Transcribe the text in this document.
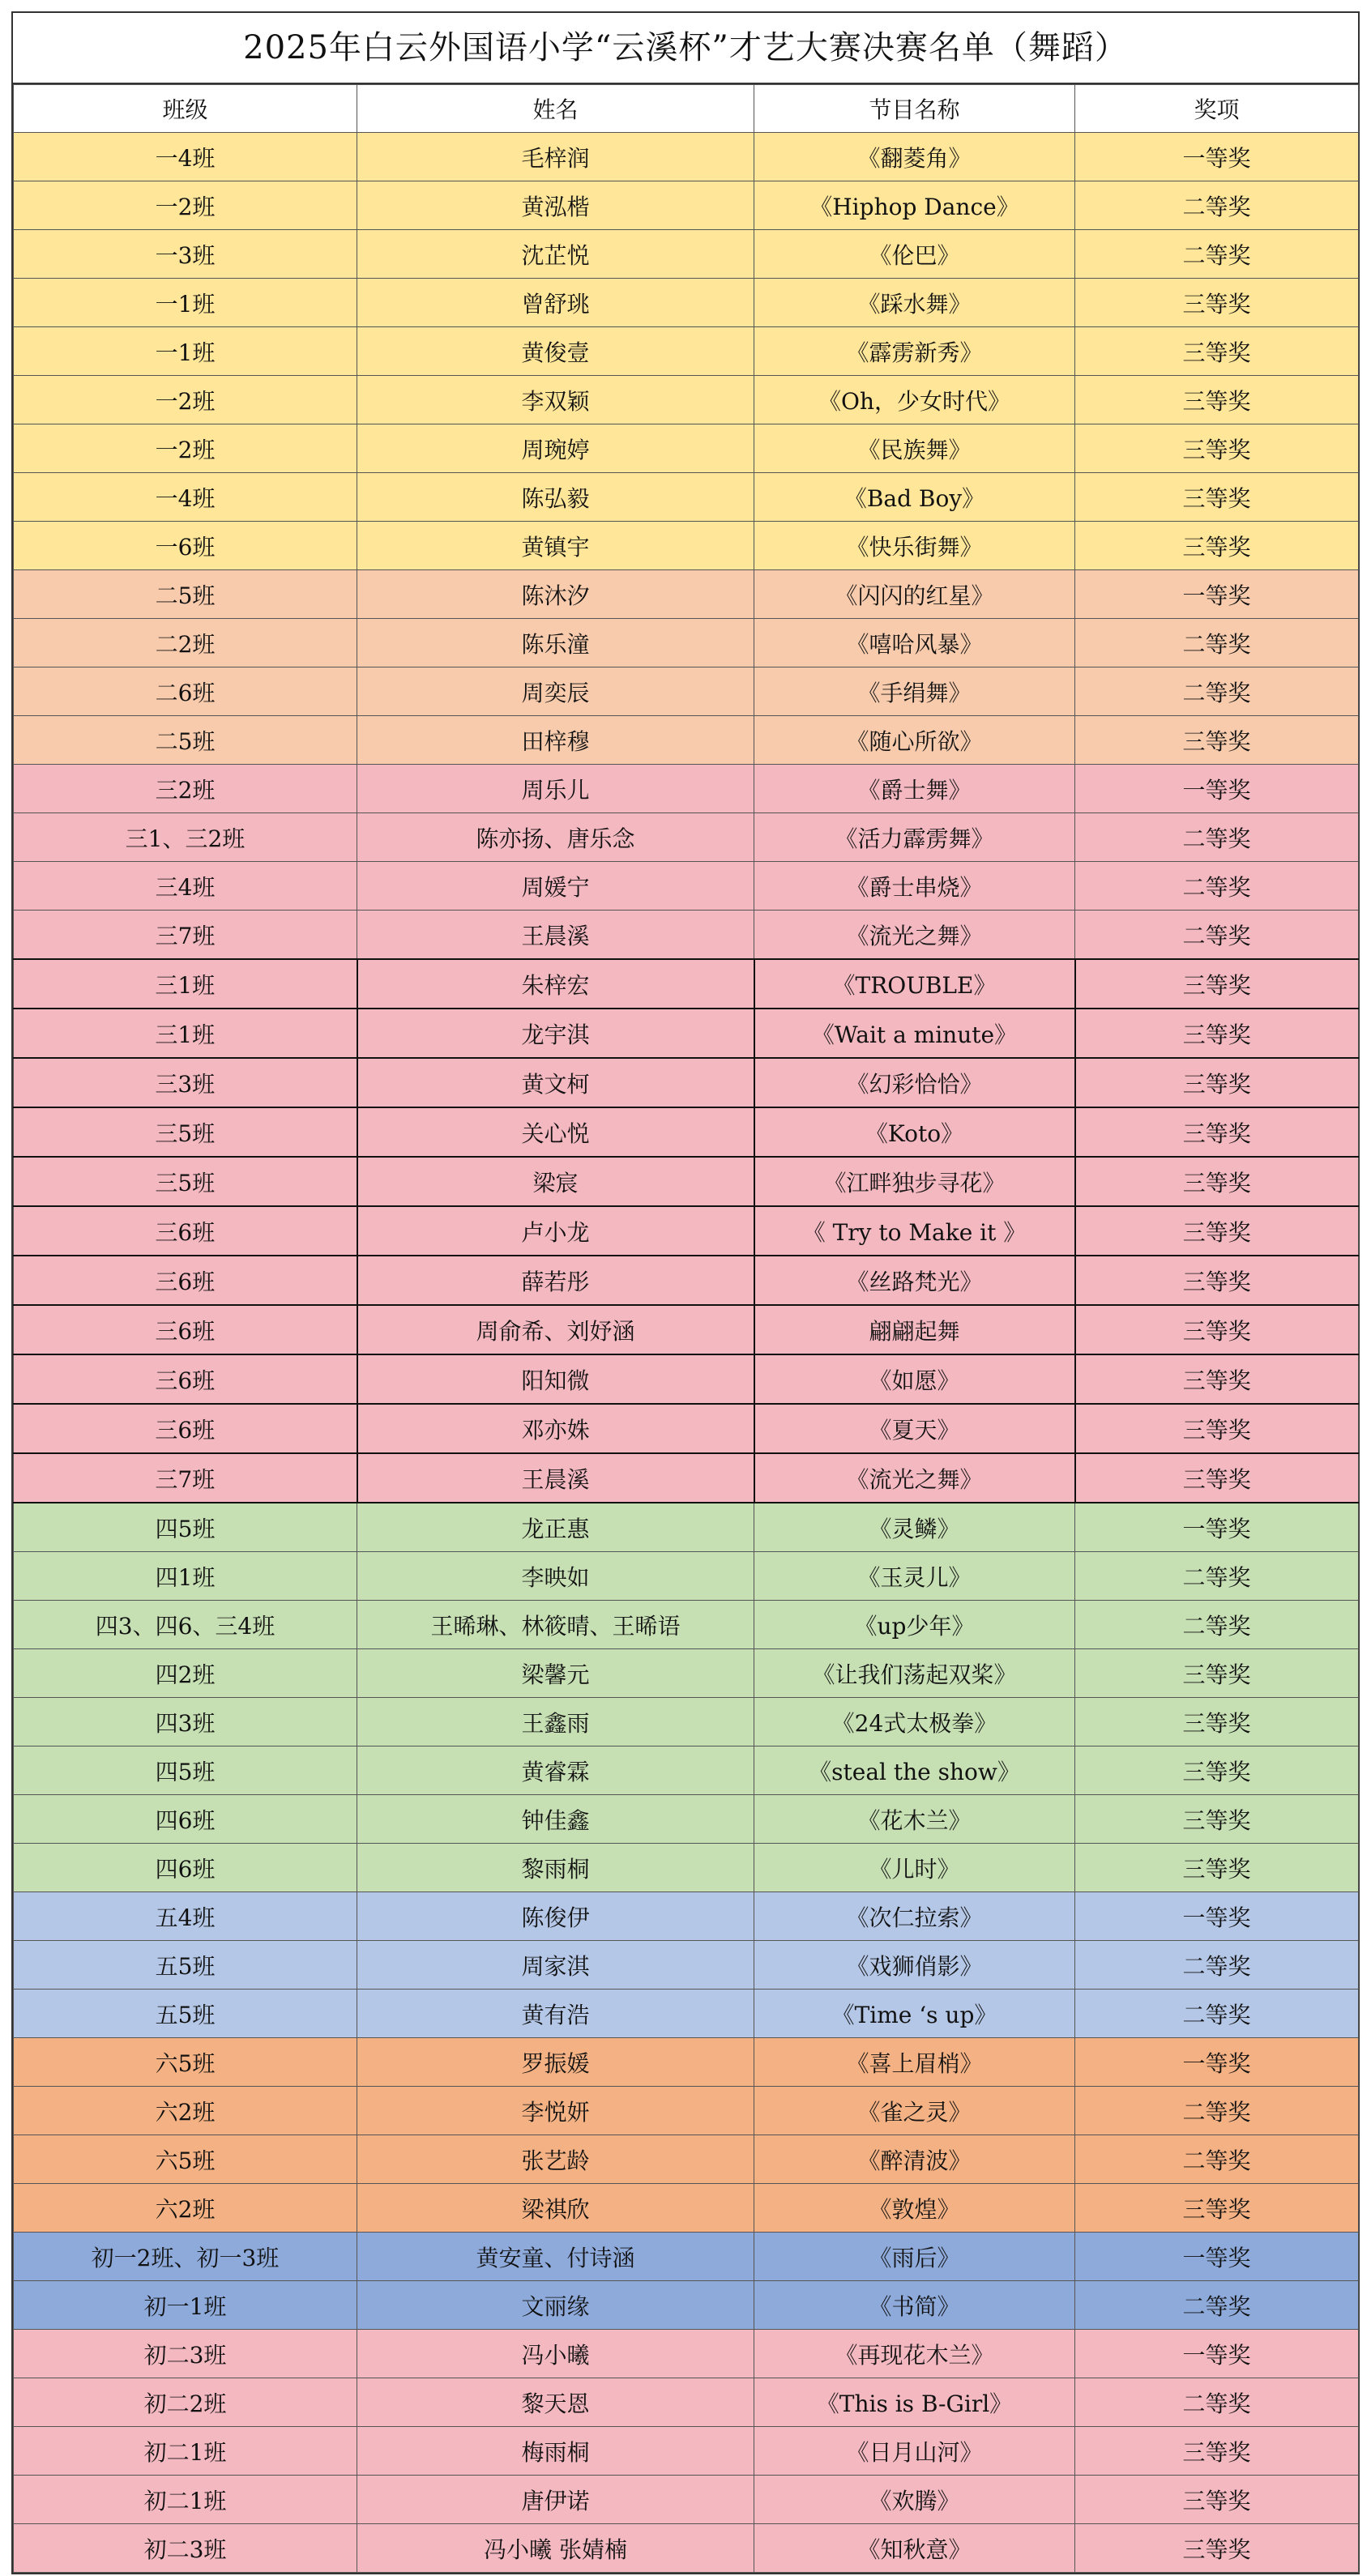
2025年白云外国语小学“云溪杯”才艺大赛决赛名单（舞蹈）
班级	姓名	节目名称	奖项
一4班	毛梓润	《翻菱角》	一等奖
一2班	黄泓楷	《Hiphop Dance》	二等奖
一3班	沈芷悦	《伦巴》	二等奖
一1班	曾舒珧	《踩水舞》	三等奖
一1班	黄俊壹	《霹雳新秀》	三等奖
一2班	李双颖	《Oh，少女时代》	三等奖
一2班	周琬婷	《民族舞》	三等奖
一4班	陈弘毅	《Bad Boy》	三等奖
一6班	黄镇宇	《快乐街舞》	三等奖
二5班	陈沐汐	《闪闪的红星》	一等奖
二2班	陈乐潼	《嘻哈风暴》	二等奖
二6班	周奕辰	《手绢舞》	二等奖
二5班	田梓穆	《随心所欲》	三等奖
三2班	周乐儿	《爵士舞》	一等奖
三1、三2班	陈亦扬、唐乐念	《活力霹雳舞》	二等奖
三4班	周媛宁	《爵士串烧》	二等奖
三7班	王晨溪	《流光之舞》	二等奖
三1班	朱梓宏	《TROUBLE》	三等奖
三1班	龙宇淇	《Wait a minute》	三等奖
三3班	黄文柯	《幻彩恰恰》	三等奖
三5班	关心悦	《Koto》	三等奖
三5班	梁宸	《江畔独步寻花》	三等奖
三6班	卢小龙	《 Try to Make it 》	三等奖
三6班	薛若彤	《丝路梵光》	三等奖
三6班	周俞希、刘妤涵	翩翩起舞	三等奖
三6班	阳知微	《如愿》	三等奖
三6班	邓亦姝	《夏天》	三等奖
三7班	王晨溪	《流光之舞》	三等奖
四5班	龙正惠	《灵鳞》	一等奖
四1班	李映如	《玉灵儿》	二等奖
四3、四6、三4班	王晞琳、林筱晴、王晞语	《up少年》	二等奖
四2班	梁馨元	《让我们荡起双桨》	三等奖
四3班	王鑫雨	《24式太极拳》	三等奖
四5班	黄睿霖	《steal the show》	三等奖
四6班	钟佳鑫	《花木兰》	三等奖
四6班	黎雨桐	《儿时》	三等奖
五4班	陈俊伊	《次仁拉索》	一等奖
五5班	周家淇	《戏狮俏影》	二等奖
五5班	黄有浩	《Time ‘s up》	二等奖
六5班	罗振媛	《喜上眉梢》	一等奖
六2班	李悦妍	《雀之灵》	二等奖
六5班	张艺龄	《醉清波》	二等奖
六2班	梁祺欣	《敦煌》	三等奖
初一2班、初一3班	黄安童、付诗涵	《雨后》	一等奖
初一1班	文丽缘	《书简》	二等奖
初二3班	冯小曦	《再现花木兰》	一等奖
初二2班	黎天恩	《This is B-Girl》	二等奖
初二1班	梅雨桐	《日月山河》	三等奖
初二1班	唐伊诺	《欢腾》	三等奖
初二3班	冯小曦 张婧楠	《知秋意》	三等奖
